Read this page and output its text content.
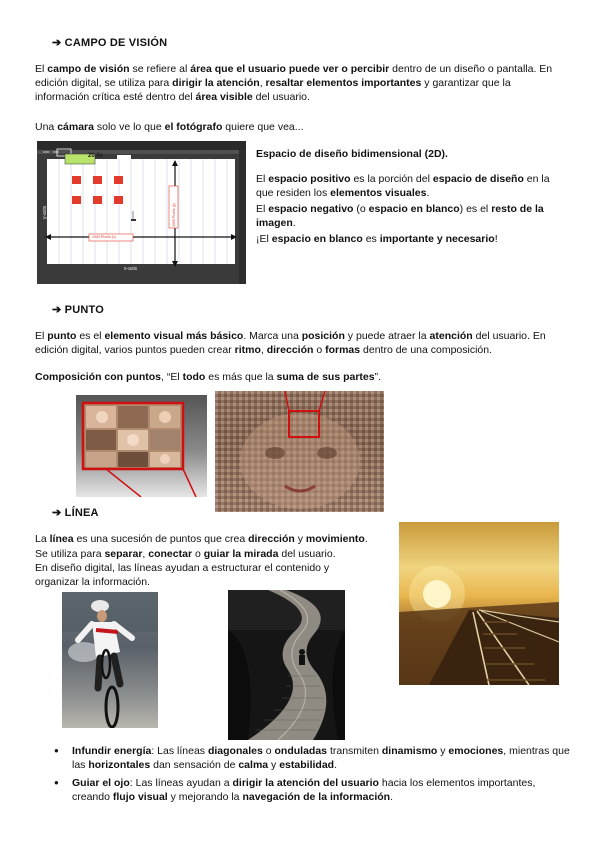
➔ CAMPO DE VISIÓN
El campo de visión se refiere al área que el usuario puede ver o percibir dentro de un diseño o pantalla. En edición digital, se utiliza para dirigir la atención, resaltar elementos importantes y garantizar que la información crítica esté dentro del área visible del usuario.
Una cámara solo ve lo que el fotógrafo quiere que vea...
20.0s
y-axis
x-axis
1000 Pixels (y)
1500 Pixels (x)
Espacio de diseño bidimensional (2D).
El espacio positivo es la porción del espacio de diseño en la que residen los elementos visuales.
El espacio negativo (o espacio en blanco) es el resto de la imagen.
¡El espacio en blanco es importante y necesario!
➔ PUNTO
El punto es el elemento visual más básico. Marca una posición y puede atraer la atención del usuario. En edición digital, varios puntos pueden crear ritmo, dirección o formas dentro de una composición.
Composición con puntos, “El todo es más que la suma de sus partes”.
➔ LÍNEA
La línea es una sucesión de puntos que crea dirección y movimiento.
Se utiliza para separar, conectar o guiar la mirada del usuario.
En diseño digital, las líneas ayudan a estructurar el contenido y organizar la información.
● Infundir energía: Las líneas diagonales o onduladas transmiten dinamismo y emociones, mientras que las horizontales dan sensación de calma y estabilidad.
● Guiar el ojo: Las líneas ayudan a dirigir la atención del usuario hacia los elementos importantes, creando flujo visual y mejorando la navegación de la información.
